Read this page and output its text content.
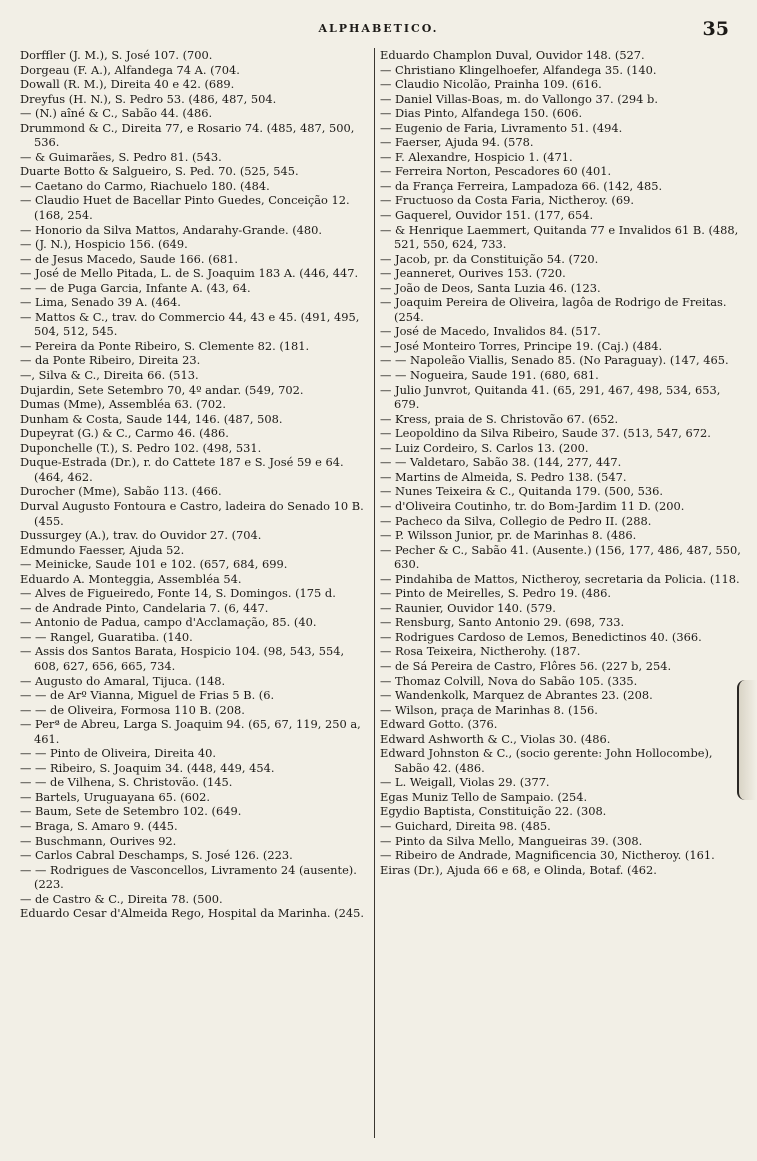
ALPHABETICO.	35
Dorffler (J. M.), S. José 107. (700.
Dorgeau (F. A.), Alfandega 74 A. (704.
Dowall (R. M.), Direita 40 e 42. (689.
Dreyfus (H. N.), S. Pedro 53. (486, 487, 504.
— (N.) aîné & C., Sabão 44. (486.
Drummond & C., Direita 77, e Rosario 74. (485, 487, 500, 536.
— & Guimarães, S. Pedro 81. (543.
Duarte Botto & Salgueiro, S. Ped. 70. (525, 545.
— Caetano do Carmo, Riachuelo 180. (484.
— Claudio Huet de Bacellar Pinto Guedes, Conceição 12. (168, 254.
— Honorio da Silva Mattos, Andarahy-Grande. (480.
— (J. N.), Hospicio 156. (649.
— de Jesus Macedo, Saude 166. (681.
— José de Mello Pitada, L. de S. Joaquim 183 A. (446, 447.
— — de Puga Garcia, Infante A. (43, 64.
— Lima, Senado 39 A. (464.
— Mattos & C., trav. do Commercio 44, 43 e 45. (491, 495, 504, 512, 545.
— Pereira da Ponte Ribeiro, S. Clemente 82. (181.
— da Ponte Ribeiro, Direita 23.
—, Silva & C., Direita 66. (513.
Dujardin, Sete Setembro 70, 4º andar. (549, 702.
Dumas (Mme), Assembléa 63. (702.
Dunham & Costa, Saude 144, 146. (487, 508.
Dupeyrat (G.) & C., Carmo 46. (486.
Duponchelle (T.), S. Pedro 102. (498, 531.
Duque-Estrada (Dr.), r. do Cattete 187 e S. José 59 e 64. (464, 462.
Durocher (Mme), Sabão 113. (466.
Durval Augusto Fontoura e Castro, ladeira do Senado 10 B. (455.
Dussurgey (A.), trav. do Ouvidor 27. (704.
Edmundo Faesser, Ajuda 52.
— Meinicke, Saude 101 e 102. (657, 684, 699.
Eduardo A. Monteggia, Assembléa 54.
— Alves de Figueiredo, Fonte 14, S. Domingos. (175 d.
— de Andrade Pinto, Candelaria 7. (6, 447.
— Antonio de Padua, campo d'Acclamação, 85. (40.
— — Rangel, Guaratiba. (140.
— Assis dos Santos Barata, Hospicio 104. (98, 543, 554, 608, 627, 656, 665, 734.
— Augusto do Amaral, Tijuca. (148.
— — de Arº Vianna, Miguel de Frias 5 B. (6.
— — de Oliveira, Formosa 110 B. (208.
— Perª de Abreu, Larga S. Joaquim 94. (65, 67, 119, 250 a, 461.
— — Pinto de Oliveira, Direita 40.
— — Ribeiro, S. Joaquim 34. (448, 449, 454.
— — de Vilhena, S. Christovão. (145.
— Bartels, Uruguayana 65. (602.
— Baum, Sete de Setembro 102. (649.
— Braga, S. Amaro 9. (445.
— Buschmann, Ourives 92.
— Carlos Cabral Deschamps, S. José 126. (223.
— — Rodrigues de Vasconcellos, Livramento 24 (ausente). (223.
— de Castro & C., Direita 78. (500.
Eduardo Cesar d'Almeida Rego, Hospital da Marinha. (245.
Eduardo Champlon Duval, Ouvidor 148. (527.
— Christiano Klingelhoefer, Alfandega 35. (140.
— Claudio Nicolão, Prainha 109. (616.
— Daniel Villas-Boas, m. do Vallongo 37. (294 b.
— Dias Pinto, Alfandega 150. (606.
— Eugenio de Faria, Livramento 51. (494.
— Faerser, Ajuda 94. (578.
— F. Alexandre, Hospicio 1. (471.
— Ferreira Norton, Pescadores 60 (401.
— da França Ferreira, Lampadoza 66. (142, 485.
— Fructuoso da Costa Faria, Nictheroy. (69.
— Gaquerel, Ouvidor 151. (177, 654.
— & Henrique Laemmert, Quitanda 77 e Invalidos 61 B. (488, 521, 550, 624, 733.
— Jacob, pr. da Constituição 54. (720.
— Jeanneret, Ourives 153. (720.
— João de Deos, Santa Luzia 46. (123.
— Joaquim Pereira de Oliveira, lagôa de Rodrigo de Freitas. (254.
— José de Macedo, Invalidos 84. (517.
— José Monteiro Torres, Principe 19. (Caj.) (484.
— — Napoleão Viallis, Senado 85. (No Paraguay). (147, 465.
— — Nogueira, Saude 191. (680, 681.
— Julio Junvrot, Quitanda 41. (65, 291, 467, 498, 534, 653, 679.
— Kress, praia de S. Christovão 67. (652.
— Leopoldino da Silva Ribeiro, Saude 37. (513, 547, 672.
— Luiz Cordeiro, S. Carlos 13. (200.
— — Valdetaro, Sabão 38. (144, 277, 447.
— Martins de Almeida, S. Pedro 138. (547.
— Nunes Teixeira & C., Quitanda 179. (500, 536.
— d'Oliveira Coutinho, tr. do Bom-Jardim 11 D. (200.
— Pacheco da Silva, Collegio de Pedro II. (288.
— P. Wilsson Junior, pr. de Marinhas 8. (486.
— Pecher & C., Sabão 41. (Ausente.) (156, 177, 486, 487, 550, 630.
— Pindahiba de Mattos, Nictheroy, secretaria da Policia. (118.
— Pinto de Meirelles, S. Pedro 19. (486.
— Raunier, Ouvidor 140. (579.
— Rensburg, Santo Antonio 29. (698, 733.
— Rodrigues Cardoso de Lemos, Benedictinos 40. (366.
— Rosa Teixeira, Nictherohy. (187.
— de Sá Pereira de Castro, Flôres 56. (227 b, 254.
— Thomaz Colvill, Nova do Sabão 105. (335.
— Wandenkolk, Marquez de Abrantes 23. (208.
— Wilson, praça de Marinhas 8. (156.
Edward Gotto. (376.
Edward Ashworth & C., Violas 30. (486.
Edward Johnston & C., (socio gerente: John Hollocombe), Sabão 42. (486.
— L. Weigall, Violas 29. (377.
Egas Muniz Tello de Sampaio. (254.
Egydio Baptista, Constituição 22. (308.
— Guichard, Direita 98. (485.
— Pinto da Silva Mello, Mangueiras 39. (308.
— Ribeiro de Andrade, Magnificencia 30, Nictheroy. (161.
Eiras (Dr.), Ajuda 66 e 68, e Olinda, Botaf. (462.
